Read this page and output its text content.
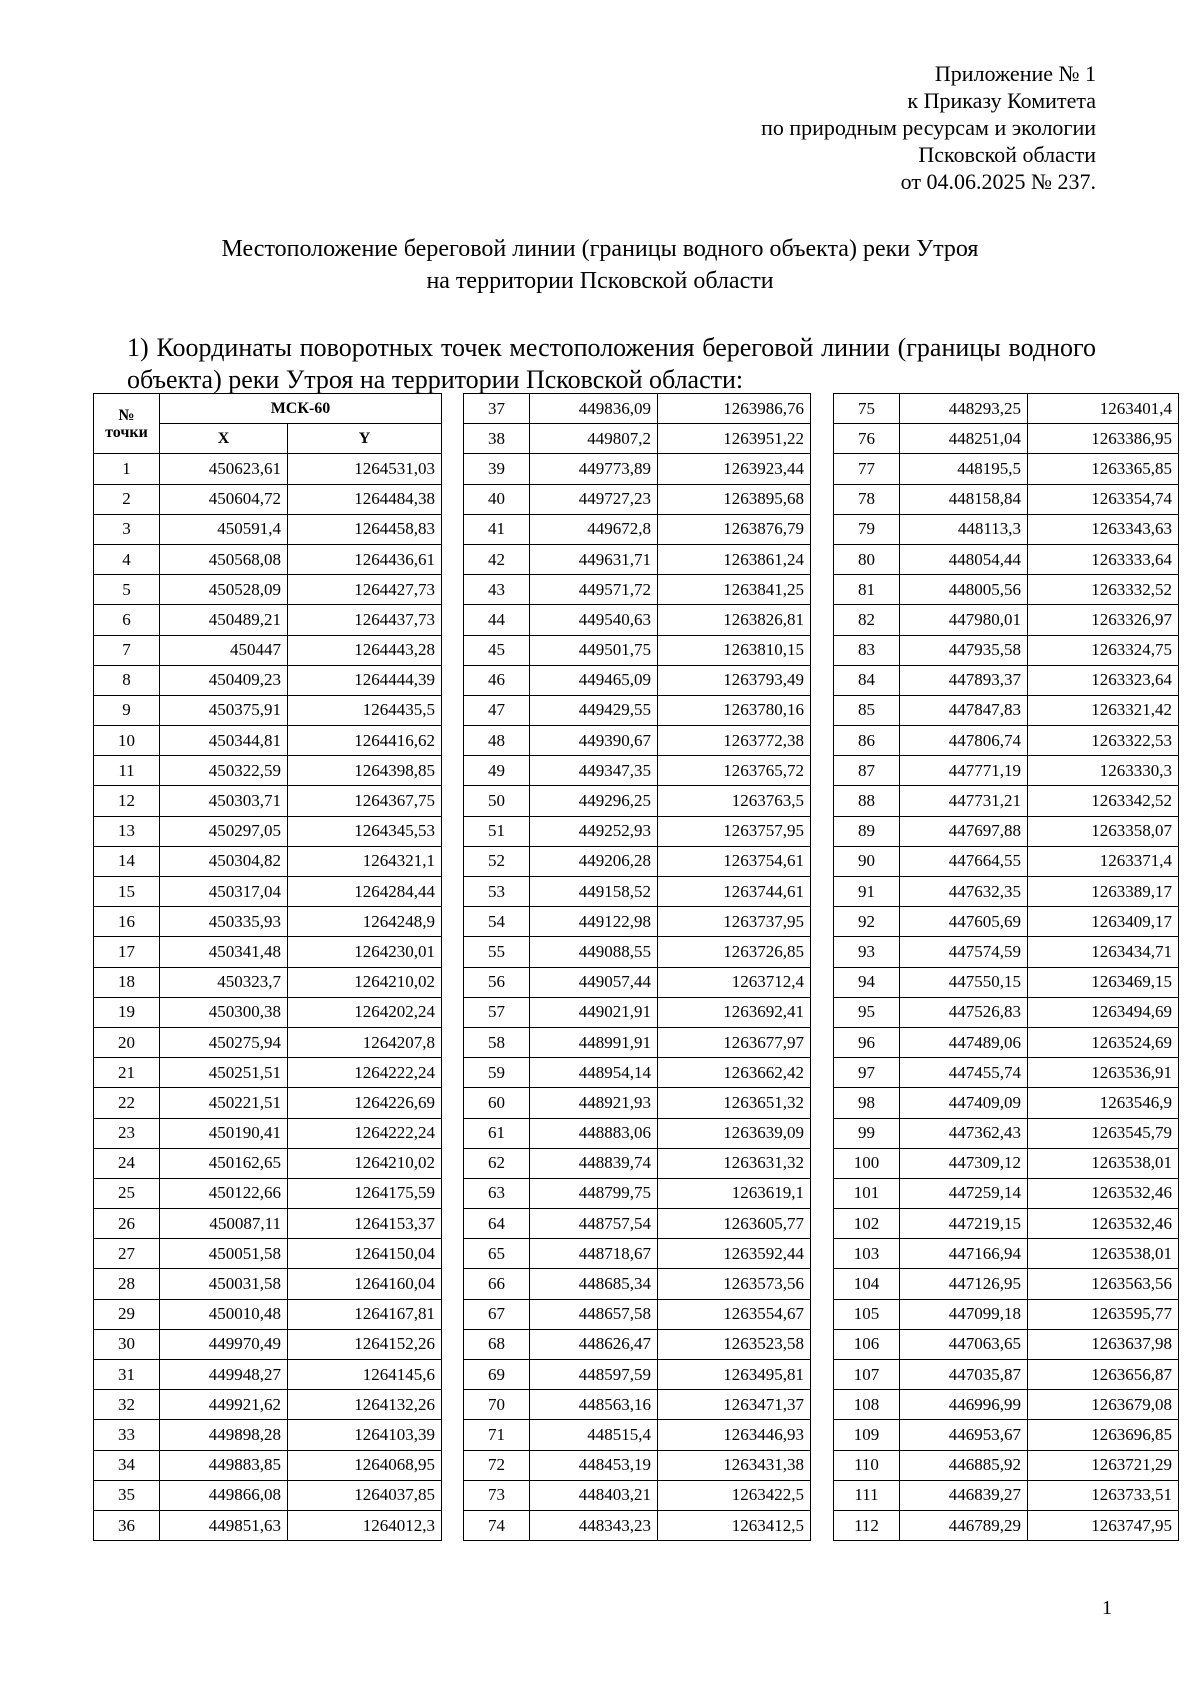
Приложение № 1
к Приказу Комитета
по природным ресурсам и экологии
Псковской области
от 04.06.2025 № 237.
Местоположение береговой линии (границы водного объекта) реки Утроя
на территории Псковской области

1) Координаты поворотных точек местоположения береговой линии (границы водного объекта) реки Утроя на территории Псковской области:

№
точки	МСК-60	
	X	Y
1	450623,61	1264531,03
2	450604,72	1264484,38
3	450591,4	1264458,83
4	450568,08	1264436,61
5	450528,09	1264427,73
6	450489,21	1264437,73
7	450447	1264443,28
8	450409,23	1264444,39
9	450375,91	1264435,5
10	450344,81	1264416,62
11	450322,59	1264398,85
12	450303,71	1264367,75
13	450297,05	1264345,53
14	450304,82	1264321,1
15	450317,04	1264284,44
16	450335,93	1264248,9
17	450341,48	1264230,01
18	450323,7	1264210,02
19	450300,38	1264202,24
20	450275,94	1264207,8
21	450251,51	1264222,24
22	450221,51	1264226,69
23	450190,41	1264222,24
24	450162,65	1264210,02
25	450122,66	1264175,59
26	450087,11	1264153,37
27	450051,58	1264150,04
28	450031,58	1264160,04
29	450010,48	1264167,81
30	449970,49	1264152,26
31	449948,27	1264145,6
32	449921,62	1264132,26
33	449898,28	1264103,39
34	449883,85	1264068,95
35	449866,08	1264037,85
36	449851,63	1264012,3
37	449836,09	1263986,76
38	449807,2	1263951,22
39	449773,89	1263923,44
40	449727,23	1263895,68
41	449672,8	1263876,79
42	449631,71	1263861,24
43	449571,72	1263841,25
44	449540,63	1263826,81
45	449501,75	1263810,15
46	449465,09	1263793,49
47	449429,55	1263780,16
48	449390,67	1263772,38
49	449347,35	1263765,72
50	449296,25	1263763,5
51	449252,93	1263757,95
52	449206,28	1263754,61
53	449158,52	1263744,61
54	449122,98	1263737,95
55	449088,55	1263726,85
56	449057,44	1263712,4
57	449021,91	1263692,41
58	448991,91	1263677,97
59	448954,14	1263662,42
60	448921,93	1263651,32
61	448883,06	1263639,09
62	448839,74	1263631,32
63	448799,75	1263619,1
64	448757,54	1263605,77
65	448718,67	1263592,44
66	448685,34	1263573,56
67	448657,58	1263554,67
68	448626,47	1263523,58
69	448597,59	1263495,81
70	448563,16	1263471,37
71	448515,4	1263446,93
72	448453,19	1263431,38
73	448403,21	1263422,5
74	448343,23	1263412,5
75	448293,25	1263401,4
76	448251,04	1263386,95
77	448195,5	1263365,85
78	448158,84	1263354,74
79	448113,3	1263343,63
80	448054,44	1263333,64
81	448005,56	1263332,52
82	447980,01	1263326,97
83	447935,58	1263324,75
84	447893,37	1263323,64
85	447847,83	1263321,42
86	447806,74	1263322,53
87	447771,19	1263330,3
88	447731,21	1263342,52
89	447697,88	1263358,07
90	447664,55	1263371,4
91	447632,35	1263389,17
92	447605,69	1263409,17
93	447574,59	1263434,71
94	447550,15	1263469,15
95	447526,83	1263494,69
96	447489,06	1263524,69
97	447455,74	1263536,91
98	447409,09	1263546,9
99	447362,43	1263545,79
100	447309,12	1263538,01
101	447259,14	1263532,46
102	447219,15	1263532,46
103	447166,94	1263538,01
104	447126,95	1263563,56
105	447099,18	1263595,77
106	447063,65	1263637,98
107	447035,87	1263656,87
108	446996,99	1263679,08
109	446953,67	1263696,85
110	446885,92	1263721,29
111	446839,27	1263733,51
112	446789,29	1263747,95
1
